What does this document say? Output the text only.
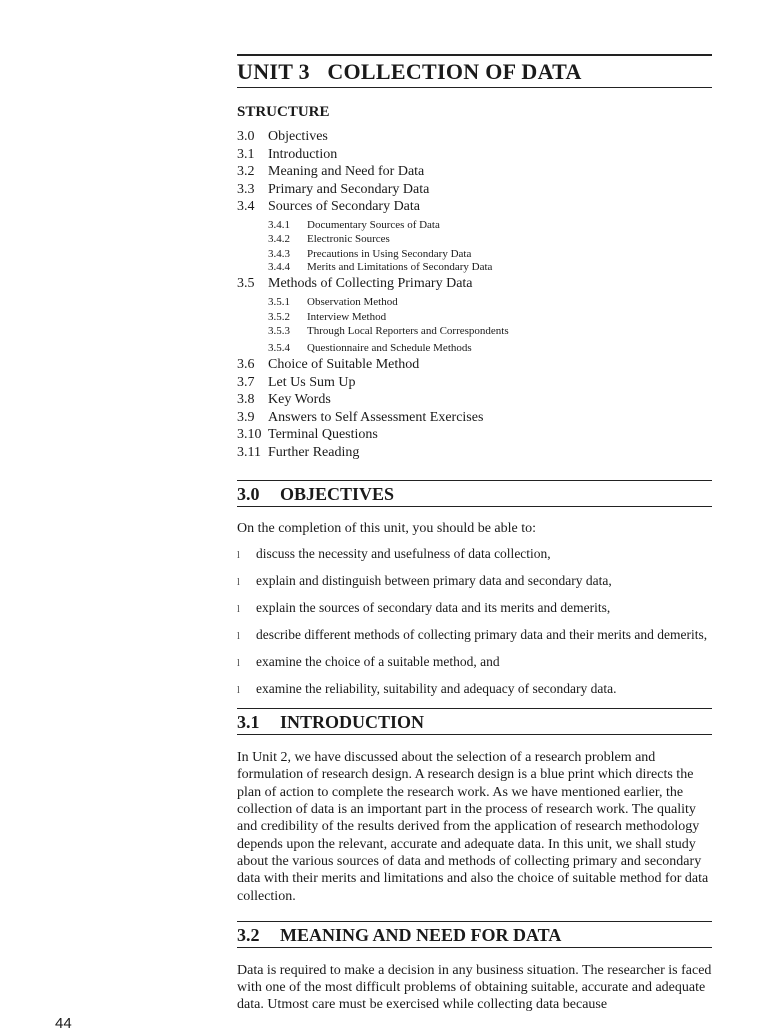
UNIT 3   COLLECTION OF DATA
STRUCTURE
3.0 Objectives
3.1 Introduction
3.2 Meaning and Need for Data
3.3 Primary and Secondary Data
3.4 Sources of Secondary Data
3.4.1	Documentary Sources of Data
3.4.2	Electronic Sources
3.4.3	Precautions in Using Secondary Data
3.4.4	Merits and Limitations of Secondary Data
3.5 Methods of Collecting Primary Data
3.5.1	Observation Method
3.5.2	Interview Method
3.5.3	Through Local Reporters and Correspondents
3.5.4	Questionnaire and Schedule Methods
3.6 Choice of Suitable Method
3.7 Let Us Sum Up
3.8 Key Words
3.9 Answers to Self Assessment Exercises
3.10 Terminal Questions
3.11 Further Reading
3.0	OBJECTIVES
On the completion of this unit, you should be able to:
l	discuss the necessity and usefulness of data collection,
l	explain and distinguish between primary data and secondary data,
l	explain the sources of secondary data and its merits and demerits,
l	describe different methods of collecting primary data and their merits and demerits,
l	examine the choice of a suitable method, and
l	examine the reliability, suitability and adequacy of secondary data.
3.1	INTRODUCTION
In Unit 2, we have discussed about the selection of a research problem and formulation of research design. A research design is a blue print which directs the plan of action to complete the research work. As we have mentioned earlier, the collection of data is an important part in the process of research work. The quality and credibility of the results derived from the application of research methodology depends upon the relevant, accurate and adequate data. In this unit, we shall study about the various sources of data and methods of collecting primary and secondary data with their merits and limitations and also the choice of suitable method for data collection.
3.2	MEANING AND NEED FOR DATA
Data is required to make a decision in any business situation. The researcher is faced with one of the most difficult problems of obtaining suitable, accurate and adequate data. Utmost care must be exercised while collecting data because
44
